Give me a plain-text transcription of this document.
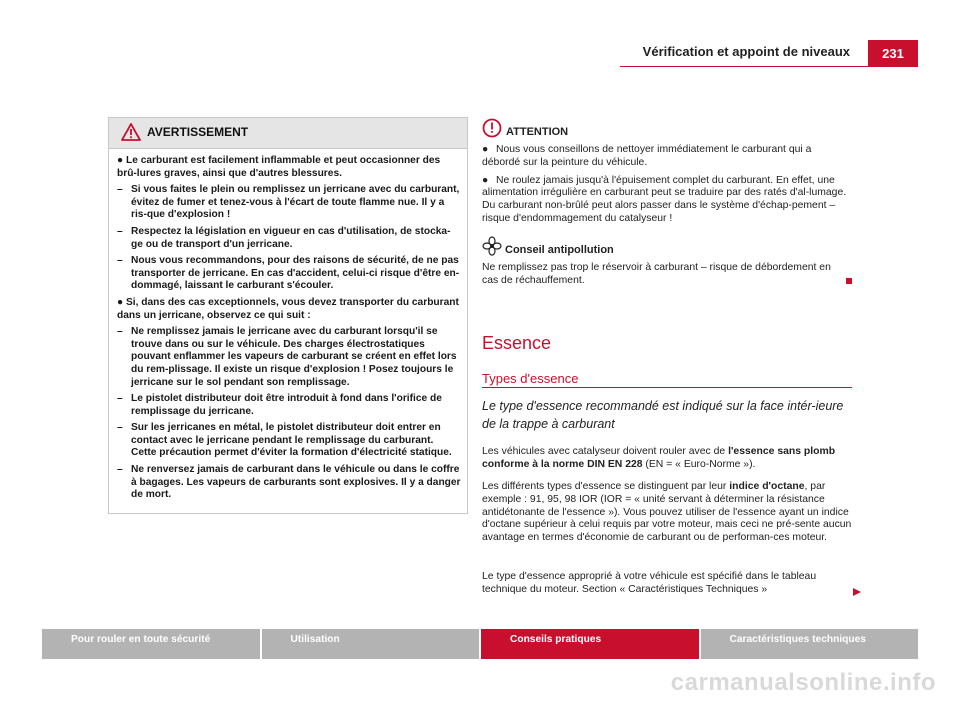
Vérification et appoint de niveaux	231
AVERTISSEMENT

● Le carburant est facilement inflammable et peut occasionner des brû-lures graves, ainsi que d'autres blessures.

– Si vous faites le plein ou remplissez un jerricane avec du carburant, évitez de fumer et tenez-vous à l'écart de toute flamme nue. Il y a ris-que d'explosion !

– Respectez la législation en vigueur en cas d'utilisation, de stocka-ge ou de transport d'un jerricane.

– Nous vous recommandons, pour des raisons de sécurité, de ne pas transporter de jerricane. En cas d'accident, celui-ci risque d'être en-dommagé, laissant le carburant s'écouler.

● Si, dans des cas exceptionnels, vous devez transporter du carburant dans un jerricane, observez ce qui suit :

– Ne remplissez jamais le jerricane avec du carburant lorsqu'il se trouve dans ou sur le véhicule. Des charges électrostatiques pouvant enflammer les vapeurs de carburant se créent en effet lors du rem-plissage. Il existe un risque d'explosion ! Posez toujours le jerricane sur le sol pendant son remplissage.

– Le pistolet distributeur doit être introduit à fond dans l'orifice de remplissage du jerricane.

– Sur les jerricanes en métal, le pistolet distributeur doit entrer en contact avec le jerricane pendant le remplissage du carburant. Cette précaution permet d'éviter la formation d'électricité statique.

– Ne renversez jamais de carburant dans le véhicule ou dans le coffre à bagages. Les vapeurs de carburants sont explosives. Il y a danger de mort.

ATTENTION

● Nous vous conseillons de nettoyer immédiatement le carburant qui a débordé sur la peinture du véhicule.

● Ne roulez jamais jusqu'à l'épuisement complet du carburant. En effet, une alimentation irrégulière en carburant peut se traduire par des ratés d'al-lumage. Du carburant non-brûlé peut alors passer dans le système d'échap-pement – risque d'endommagement du catalyseur !

Conseil antipollution

Ne remplissez pas trop le réservoir à carburant – risque de débordement en cas de réchauffement.

Essence
Types d'essence
Le type d'essence recommandé est indiqué sur la face intér-ieure de la trappe à carburant
Les véhicules avec catalyseur doivent rouler avec de l'essence sans plomb conforme à la norme DIN EN 228 (EN = « Euro-Norme »).
Les différents types d'essence se distinguent par leur indice d'octane, par exemple : 91, 95, 98 IOR (IOR = « unité servant à déterminer la résistance antidétonante de l'essence »). Vous pouvez utiliser de l'essence ayant un indice d'octane supérieur à celui requis par votre moteur, mais ceci ne pré-sente aucun avantage en termes d'économie de carburant ou de performan-ces moteur.
Le type d'essence approprié à votre véhicule est spécifié dans le tableau technique du moteur. Section « Caractéristiques Techniques »
Pour rouler en toute sécurité	Utilisation	Conseils pratiques	Caractéristiques techniques
carmanualsonline.info
